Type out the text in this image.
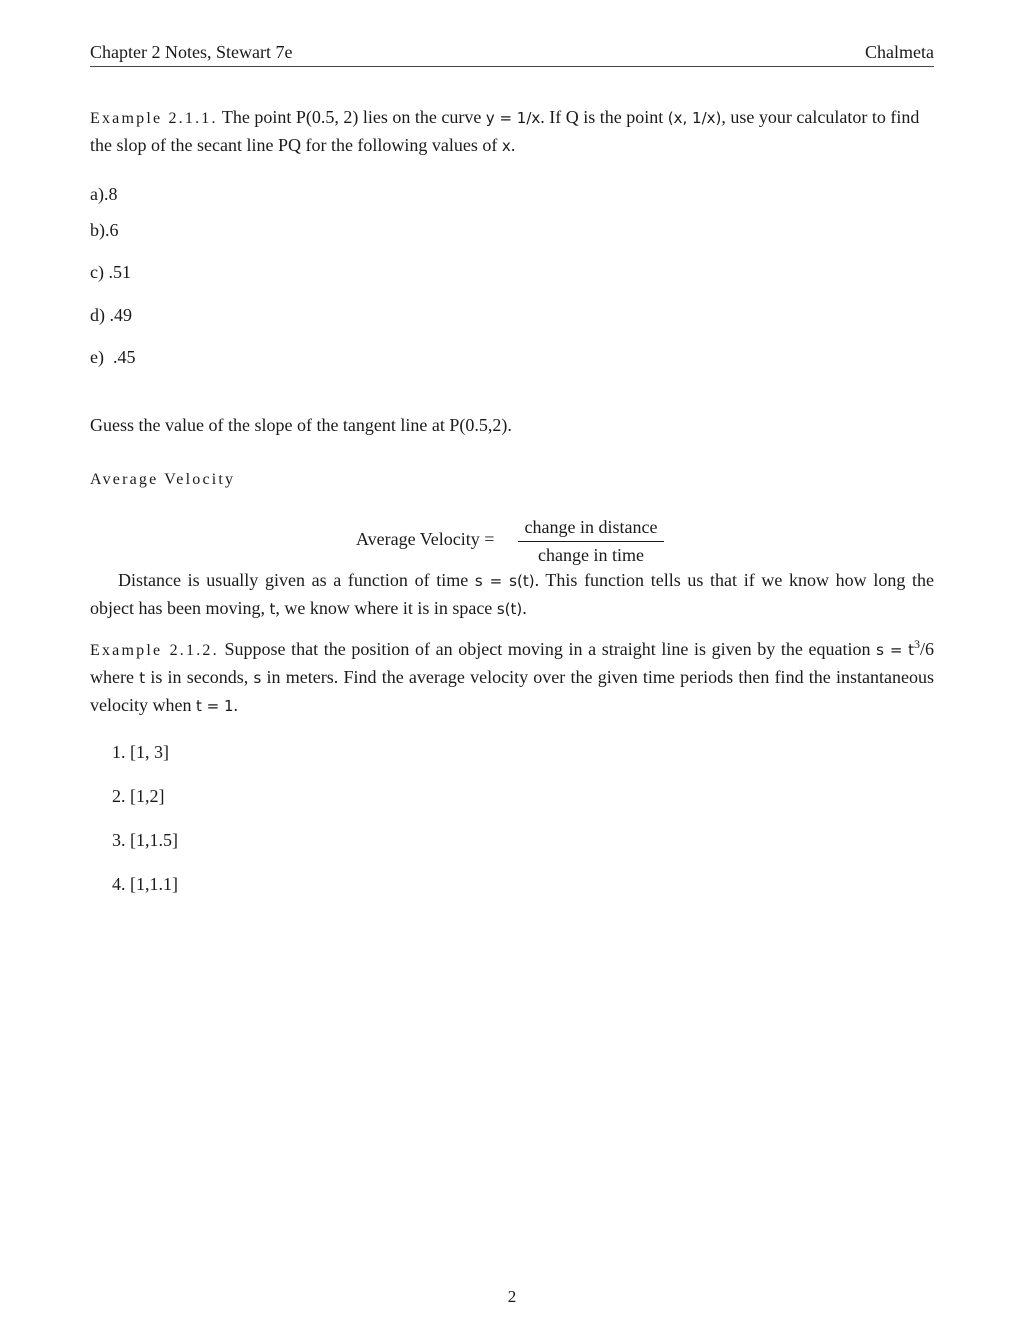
Chapter 2 Notes, Stewart 7e	Chalmeta
Example 2.1.1. The point P(0.5, 2) lies on the curve y = 1/x. If Q is the point (x, 1/x), use your calculator to find the slop of the secant line PQ for the following values of x.
a).8
b).6
c) .51
d) .49
e)  .45
Guess the value of the slope of the tangent line at P(0.5,2).
Average Velocity
Average Velocity =
change in distance
change in time
Distance is usually given as a function of time s = s(t). This function tells us that if we know how long the object has been moving, t, we know where it is in space s(t).
Example 2.1.2. Suppose that the position of an object moving in a straight line is given by the equation $s = t^3/6$ where t is in seconds, s in meters. Find the average velocity over the given time periods then find the instantaneous velocity when t = 1.
1. [1, 3]
2. [1,2]
3. [1,1.5]
4. [1,1.1]
2
